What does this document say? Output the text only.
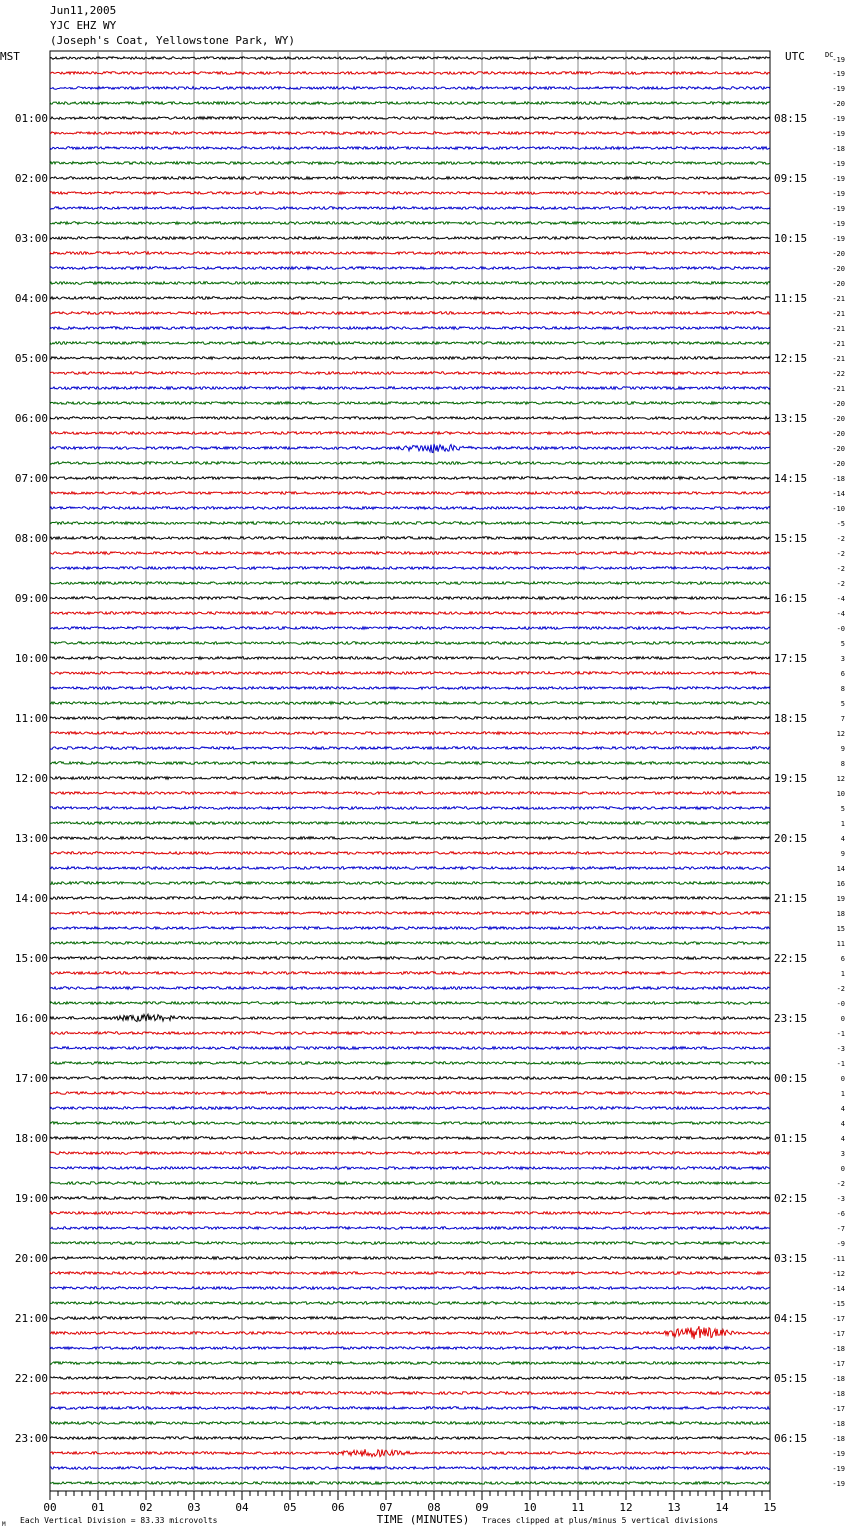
Jun11,2005
YJC EHZ WY
(Joseph's Coat, Yellowstone Park, WY)
-19
-19
-19
-20
-19
-19
-18
-19
-19
-19
-19
-19
-19
-20
-20
-20
-21
-21
-21
-21
-21
-22
-21
-20
-20
-20
-20
-20
-18
-14
-10
-5
-2
-2
-2
-2
-4
-4
-0
5
3
6
8
5
7
12
9
8
12
10
5
1
4
9
14
16
19
18
15
11
6
1
-2
-0
0
-1
-3
-1
0
1
4
4
4
3
0
-2
-3
-6
-7
-9
-11
-12
-14
-15
-17
-17
-18
-17
-18
-18
-17
-18
-18
-19
-19
-19
MST	UTC	DC
01:00
02:00
03:00
04:00
05:00
06:00
07:00
08:00
09:00
10:00
11:00
12:00
13:00
14:00
15:00
16:00
17:00
18:00
19:00
20:00
21:00
22:00
23:00
08:15
09:15
10:15
11:15
12:15
13:15
14:15
15:15
16:15
17:15
18:15
19:15
20:15
21:15
22:15
23:15
00:15
01:15
02:15
03:15
04:15
05:15
06:15
00	01	02	03	04	05	06	07	08	09	10	11	12	13	14	15
TIME (MINUTES)
Each Vertical Division = 83.33 microvolts	Traces clipped at plus/minus 5 vertical divisions
M
